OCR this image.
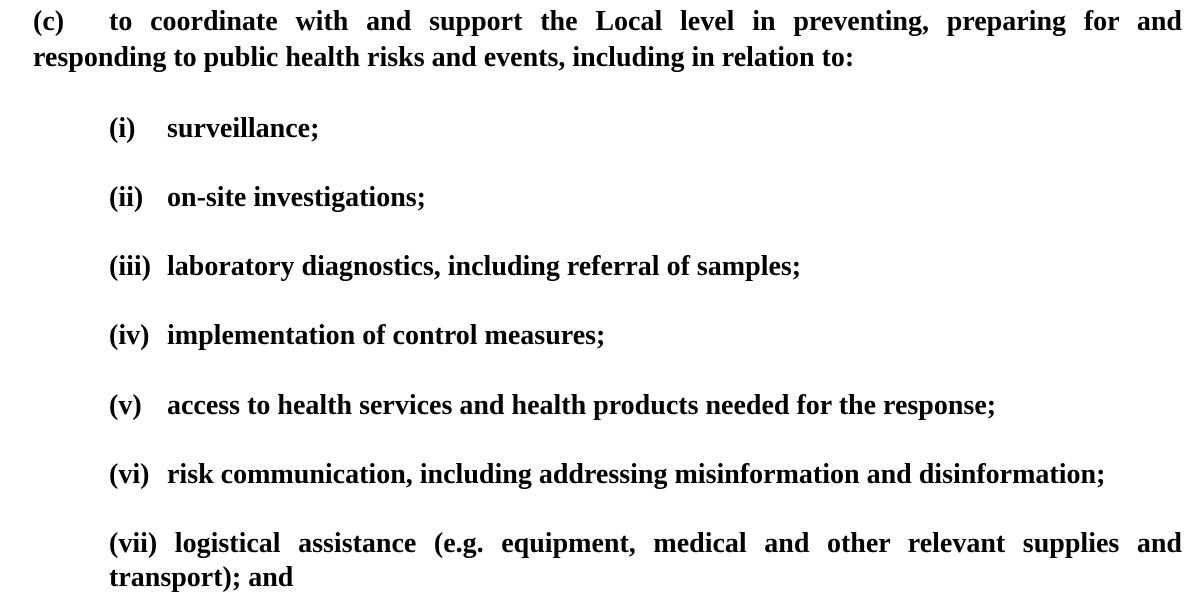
(c)	to coordinate with and support the Local level in preventing, preparing for and
responding to public health risks and events, including in relation to:
(i) surveillance;
(ii) on-site investigations;
(iii) laboratory diagnostics, including referral of samples;
(iv) implementation of control measures;
(v) access to health services and health products needed for the response;
(vi) risk communication, including addressing misinformation and disinformation;
(vii) logistical assistance (e.g. equipment, medical and other relevant supplies and
transport); and
